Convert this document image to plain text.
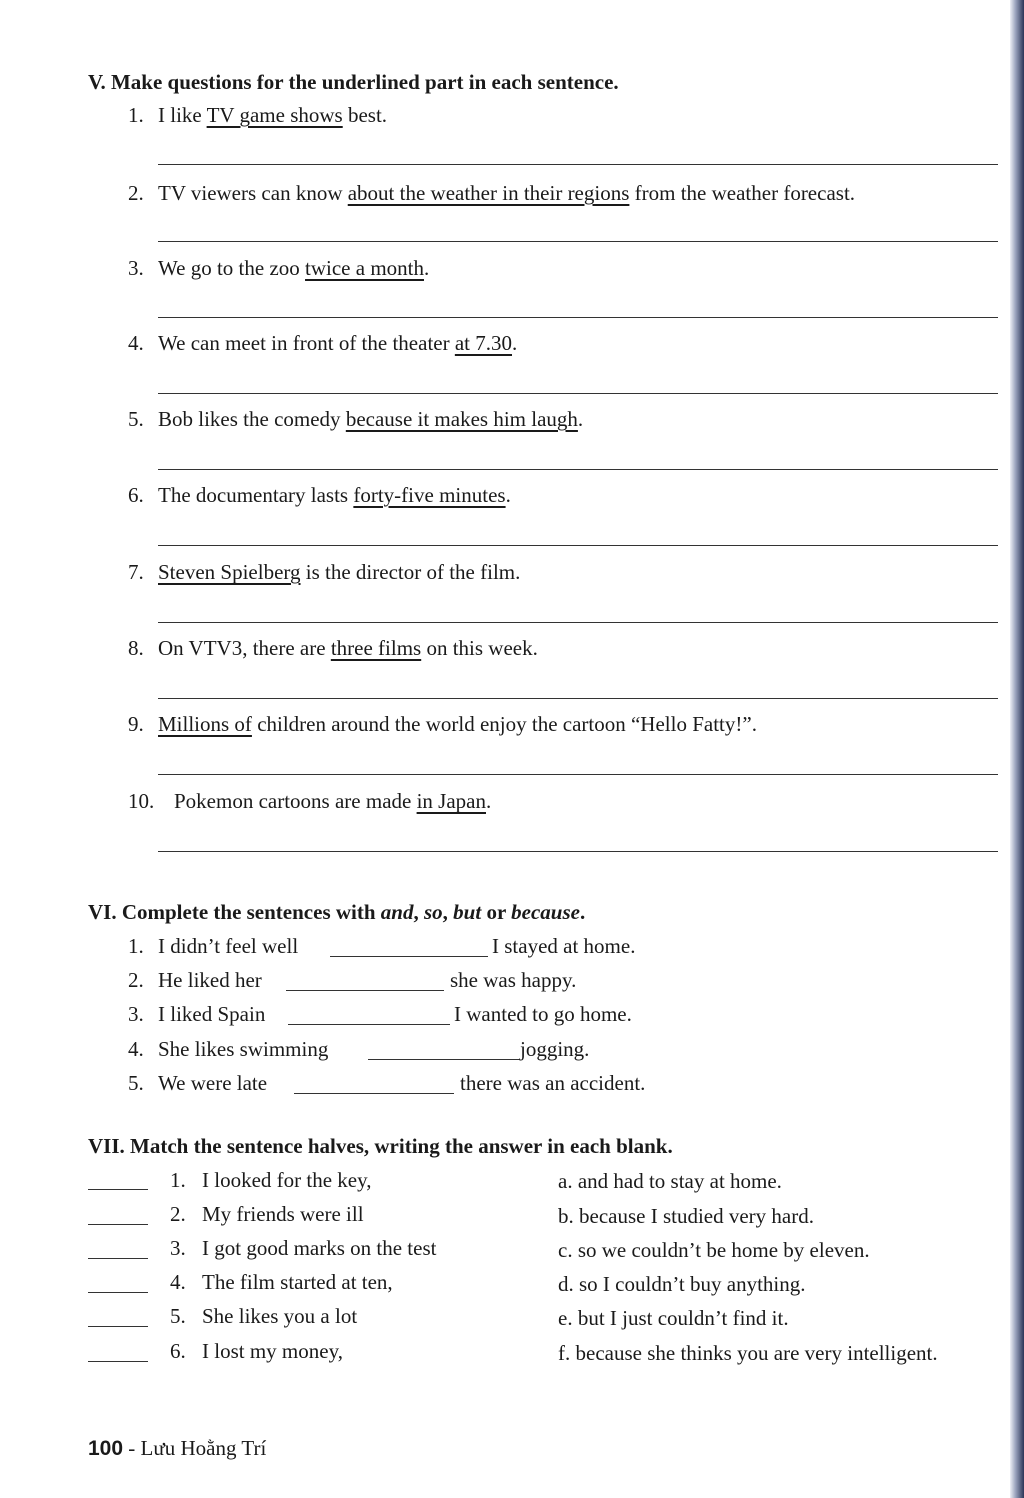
V. Make questions for the underlined part in each sentence.
1. I like TV game shows best.
2. TV viewers can know about the weather in their regions from the weather forecast.
3. We go to the zoo twice a month.
4. We can meet in front of the theater at 7.30.
5. Bob likes the comedy because it makes him laugh.
6. The documentary lasts forty-five minutes.
7. Steven Spielberg is the director of the film.
8. On VTV3, there are three films on this week.
9. Millions of children around the world enjoy the cartoon “Hello Fatty!”.
10. Pokemon cartoons are made in Japan.
VI. Complete the sentences with and, so, but or because.
1. I didn’t feel well	I stayed at home.
2. He liked her	she was happy.
3. I liked Spain	I wanted to go home.
4. She likes swimming	jogging.
5. We were late	there was an accident.
VII. Match the sentence halves, writing the answer in each blank.
1. I looked for the key,	a. and had to stay at home.
2. My friends were ill	b. because I studied very hard.
3. I got good marks on the test	c. so we couldn’t be home by eleven.
4. The film started at ten,	d. so I couldn’t buy anything.
5. She likes you a lot	e. but I just couldn’t find it.
6. I lost my money,	f. because she thinks you are very intelligent.
100 - Lưu Hoằng Trí
